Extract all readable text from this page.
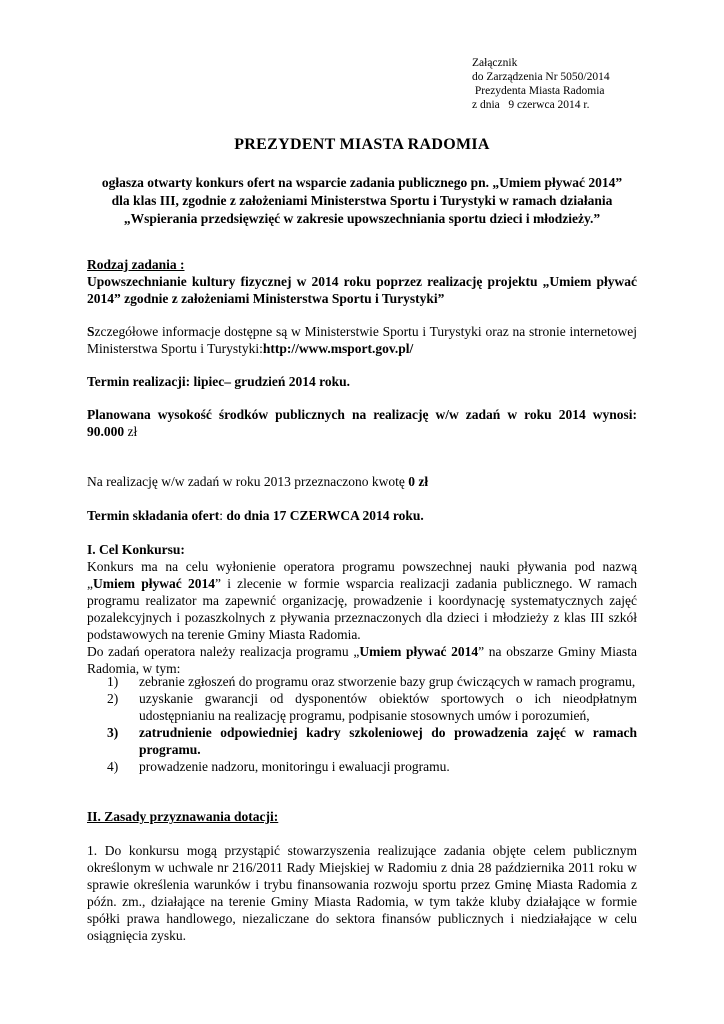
Załącznik
do Zarządzenia Nr 5050/2014
Prezydenta Miasta Radomia
z dnia   9 czerwca 2014 r.
PREZYDENT MIASTA RADOMIA
ogłasza otwarty konkurs ofert na wsparcie zadania publicznego pn. „Umiem pływać 2014” dla klas III, zgodnie z założeniami Ministerstwa Sportu i Turystyki w ramach działania „Wspierania przedsięwzięć w zakresie upowszechniania sportu dzieci i młodzieży.”
Rodzaj zadania :
Upowszechnianie kultury fizycznej w 2014 roku poprzez realizację projektu „Umiem pływać 2014” zgodnie z założeniami Ministerstwa Sportu i Turystyki”
Szczegółowe informacje dostępne są w Ministerstwie Sportu i Turystyki oraz na stronie internetowej Ministerstwa Sportu i Turystyki:http://www.msport.gov.pl/
Termin realizacji: lipiec– grudzień 2014 roku.
Planowana wysokość środków publicznych na realizację w/w zadań w roku 2014 wynosi: 90.000 zł
Na realizację w/w zadań w roku 2013 przeznaczono kwotę 0 zł
Termin składania ofert: do dnia 17 CZERWCA 2014 roku.
I. Cel Konkursu:
Konkurs ma na celu wyłonienie operatora programu powszechnej nauki pływania pod nazwą „Umiem pływać 2014” i zlecenie w formie wsparcia realizacji zadania publicznego. W ramach programu realizator ma zapewnić organizację, prowadzenie i koordynację systematycznych zajęć pozalekcyjnych i pozaszkolnych z pływania przeznaczonych dla dzieci i młodzieży z klas III szkół podstawowych na terenie Gminy Miasta Radomia.
Do zadań operatora należy realizacja programu „Umiem pływać 2014” na obszarze Gminy Miasta Radomia, w tym:
1)	zebranie zgłoszeń do programu oraz stworzenie bazy grup ćwiczących w ramach programu,
2)	uzyskanie gwarancji od dysponentów obiektów sportowych o ich nieodpłatnym udostępnianiu na realizację programu, podpisanie stosownych umów i porozumień,
3)	zatrudnienie odpowiedniej kadry szkoleniowej do prowadzenia zajęć w ramach programu.
4)	prowadzenie nadzoru, monitoringu i ewaluacji programu.
II. Zasady przyznawania dotacji:
1. Do konkursu mogą przystąpić stowarzyszenia realizujące zadania objęte celem publicznym określonym w uchwale nr 216/2011 Rady Miejskiej w Radomiu z dnia 28 października 2011 roku w sprawie określenia warunków i trybu finansowania rozwoju sportu przez Gminę Miasta Radomia z późn. zm., działające na terenie Gminy Miasta Radomia, w tym także kluby działające w formie spółki prawa handlowego, niezaliczane do sektora finansów publicznych i niedziałające w celu osiągnięcia zysku.
